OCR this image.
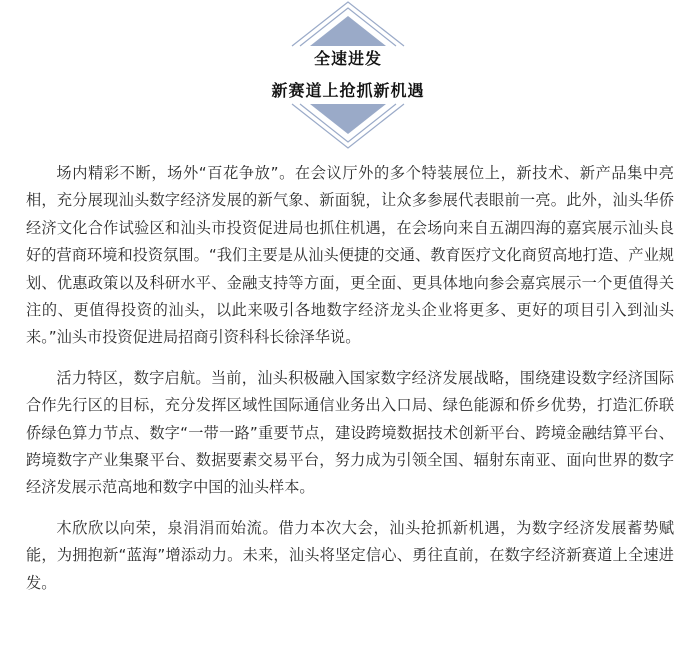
全速进发
新赛道上抢抓新机遇

场内精彩不断，场外“百花争放”。在会议厅外的多个特装展位上，新技术、新产品集中亮相，充分展现汕头数字经济发展的新气象、新面貌，让众多参展代表眼前一亮。此外，汕头华侨经济文化合作试验区和汕头市投资促进局也抓住机遇，在会场向来自五湖四海的嘉宾展示汕头良好的营商环境和投资氛围。“我们主要是从汕头便捷的交通、教育医疗文化商贸高地打造、产业规划、优惠政策以及科研水平、金融支持等方面，更全面、更具体地向参会嘉宾展示一个更值得关注的、更值得投资的汕头，以此来吸引各地数字经济龙头企业将更多、更好的项目引入到汕头来。”汕头市投资促进局招商引资科科长徐泽华说。

活力特区，数字启航。当前，汕头积极融入国家数字经济发展战略，围绕建设数字经济国际合作先行区的目标，充分发挥区域性国际通信业务出入口局、绿色能源和侨乡优势，打造汇侨联侨绿色算力节点、数字“一带一路”重要节点，建设跨境数据技术创新平台、跨境金融结算平台、跨境数字产业集聚平台、数据要素交易平台，努力成为引领全国、辐射东南亚、面向世界的数字经济发展示范高地和数字中国的汕头样本。

木欣欣以向荣，泉涓涓而始流。借力本次大会，汕头抢抓新机遇，为数字经济发展蓄势赋能，为拥抱新“蓝海”增添动力。未来，汕头将坚定信心、勇往直前，在数字经济新赛道上全速进发。
